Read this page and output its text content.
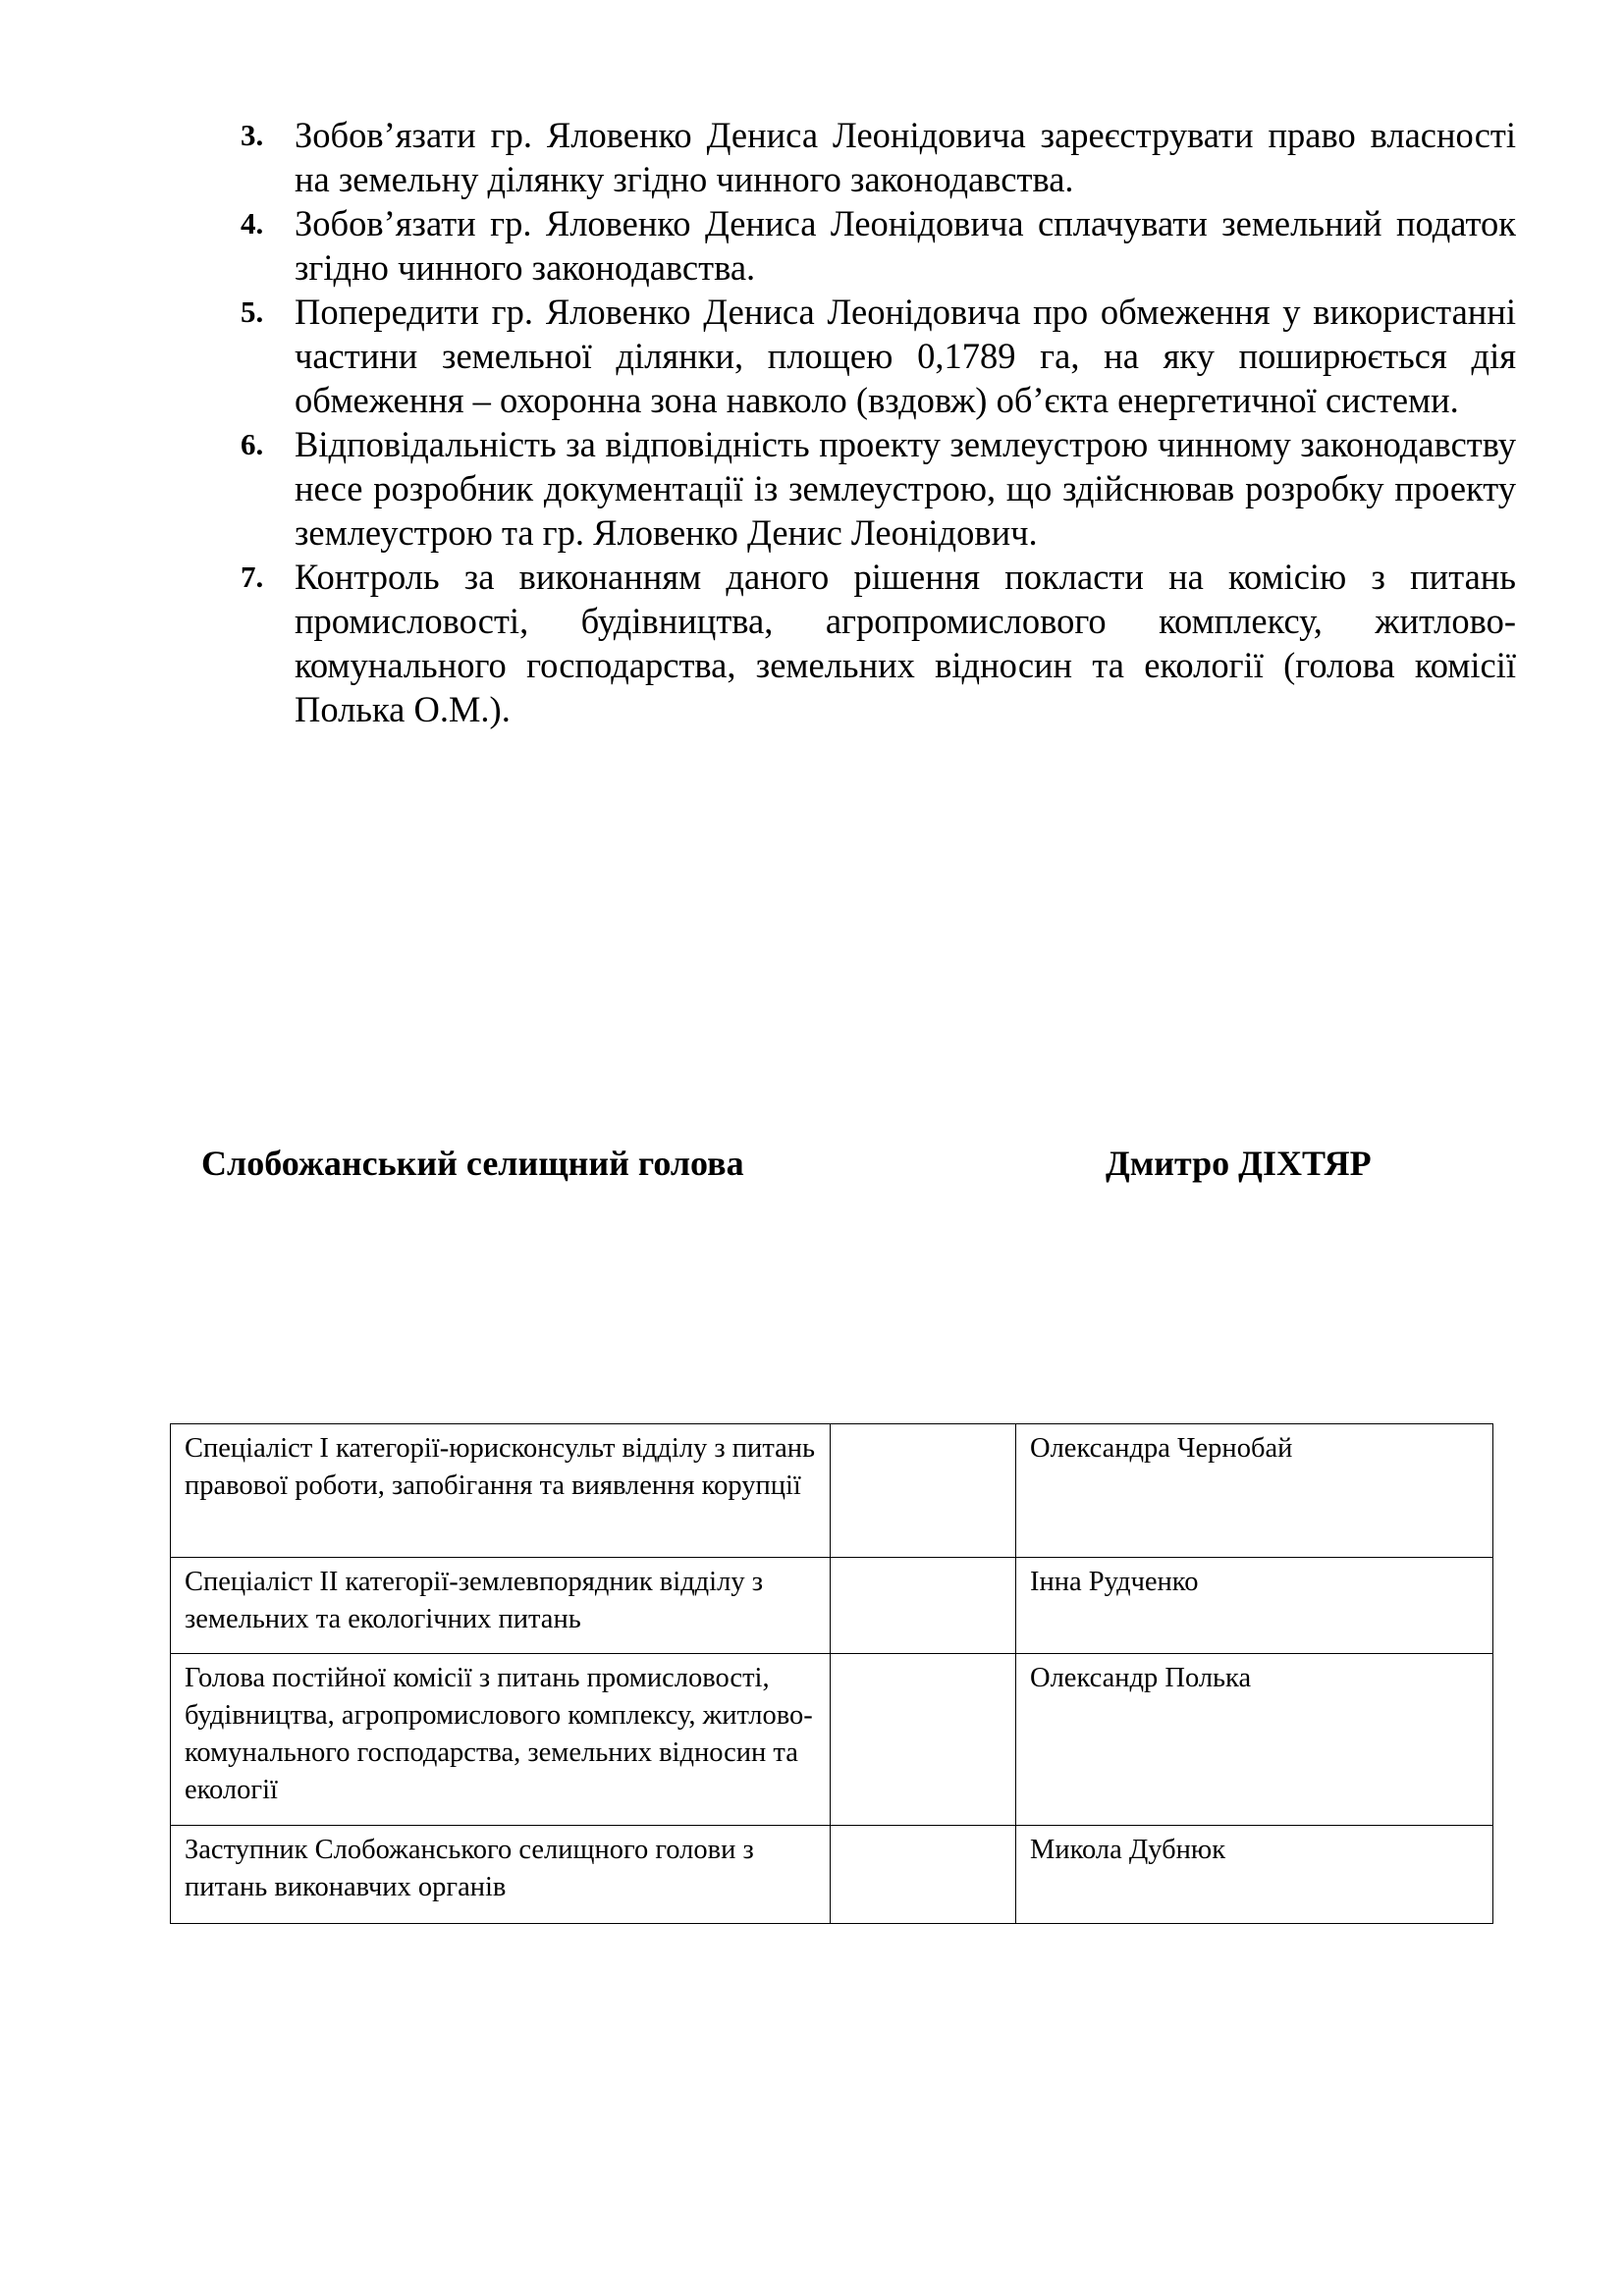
3. Зобов’язати гр. Яловенко Дениса Леонідовича зареєструвати право власності на земельну ділянку згідно чинного законодавства.
4. Зобов’язати гр. Яловенко Дениса Леонідовича сплачувати земельний податок згідно чинного законодавства.
5. Попередити гр. Яловенко Дениса Леонідовича про обмеження у використанні частини земельної ділянки, площею 0,1789 га, на яку поширюється дія обмеження – охоронна зона навколо (вздовж) об’єкта енергетичної системи.
6. Відповідальність за відповідність проекту землеустрою чинному законодавству несе розробник документації із землеустрою, що здійснював розробку проекту землеустрою та гр. Яловенко Денис Леонідович.
7. Контроль за виконанням даного рішення покласти на комісію з питань промисловості, будівництва, агропромислового комплексу, житлово-комунального господарства, земельних відносин та екології (голова комісії Полька О.М.).
Слобожанський селищний голова	Дмитро ДІХТЯР
Спеціаліст І категорії-юрисконсульт відділу з питань правової роботи, запобігання та виявлення корупції		Олександра Чернобай
Спеціаліст ІІ категорії-землевпорядник відділу з земельних та екологічних питань		Інна Рудченко
Голова постійної комісії з питань промисловості, будівництва, агропромислового комплексу, житлово-комунального господарства, земельних відносин та екології		Олександр Полька
Заступник Слобожанського селищного голови з питань виконавчих органів		Микола Дубнюк
